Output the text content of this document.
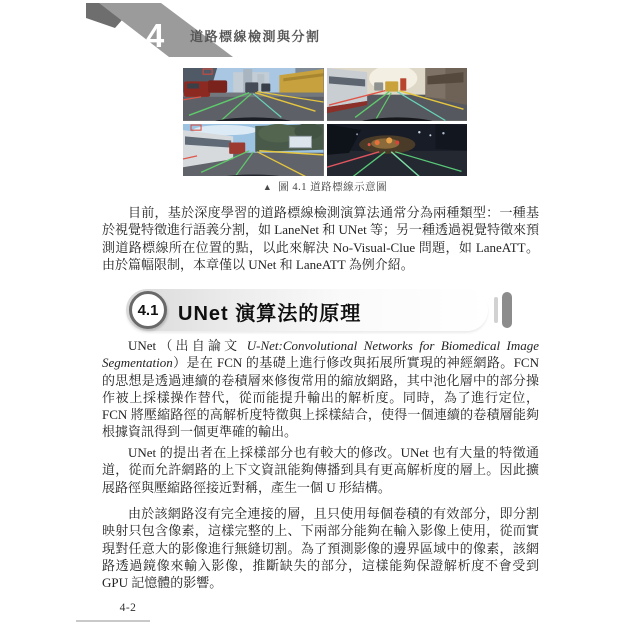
4 道路標線檢測與分割
▲ 圖 4.1 道路標線示意圖

目前，基於深度學習的道路標線檢測演算法通常分為兩種類型：一種基於視覺特徵進行語義分割，如 LaneNet 和 UNet 等；另一種透過視覺特徵來預測道路標線所在位置的點，以此來解決 No-Visual-Clue 問題，如 LaneATT。由於篇幅限制，本章僅以 UNet 和 LaneATT 為例介紹。

4.1 UNet 演算法的原理

UNet（出自論文 U-Net:Convolutional Networks for Biomedical Image Segmentation）是在 FCN 的基礎上進行修改與拓展所實現的神經網路。FCN 的思想是透過連續的卷積層來修復常用的縮放網路，其中池化層中的部分操作被上採樣操作替代，從而能提升輸出的解析度。同時，為了進行定位，FCN 將壓縮路徑的高解析度特徵與上採樣結合，使得一個連續的卷積層能夠根據資訊得到一個更準確的輸出。

UNet 的提出者在上採樣部分也有較大的修改。UNet 也有大量的特徵通道，從而允許網路的上下文資訊能夠傳播到具有更高解析度的層上。因此擴展路徑與壓縮路徑接近對稱，產生一個 U 形結構。

由於該網路沒有完全連接的層，且只使用每個卷積的有效部分，即分割映射只包含像素，這樣完整的上、下兩部分能夠在輸入影像上使用，從而實現對任意大的影像進行無縫切割。為了預測影像的邊界區域中的像素，該網路透過鏡像來輸入影像，推斷缺失的部分，這樣能夠保證解析度不會受到 GPU 記憶體的影響。

4-2
